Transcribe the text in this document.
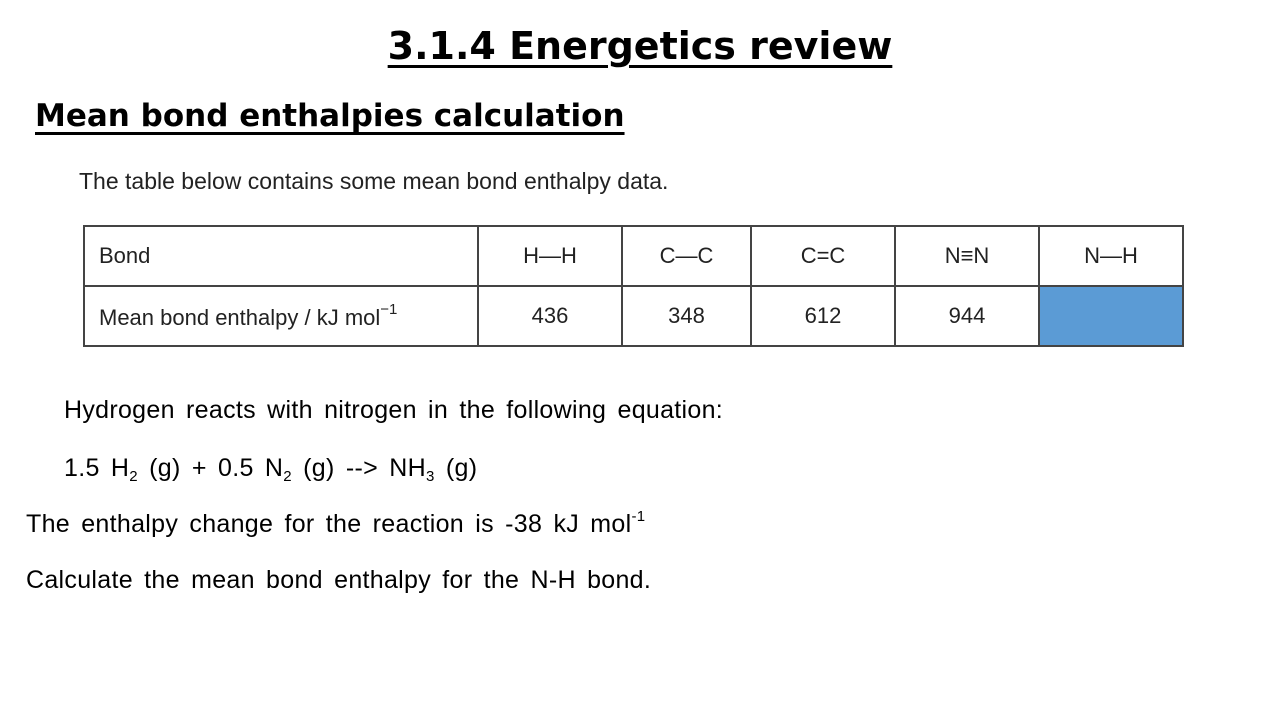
3.1.4 Energetics review
Mean bond enthalpies calculation
The table below contains some mean bond enthalpy data.
Bond	H—H	C—C	C=C	N≡N	N—H
Mean bond enthalpy / kJ mol$^{-1}$	436	348	612	944	
Hydrogen reacts with nitrogen in the following equation:
1.5 $H_2$ (g) + 0.5 $N_2$ (g) --> $NH_3$ (g)
The enthalpy change for the reaction is -38 kJ mol$^{-1}$
Calculate the mean bond enthalpy for the N-H bond.
